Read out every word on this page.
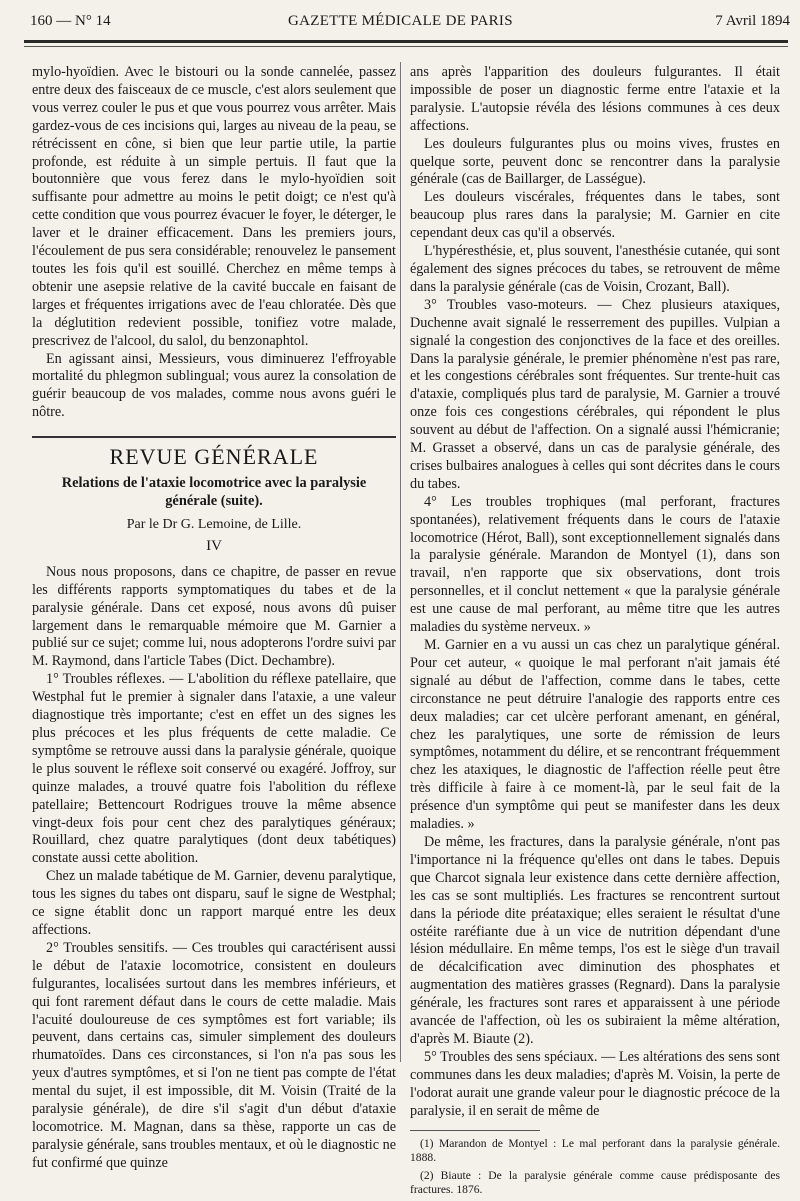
160 — N° 14	GAZETTE MÉDICALE DE PARIS	7 Avril 1894

mylo-hyoïdien. Avec le bistouri ou la sonde cannelée, passez entre deux des faisceaux de ce muscle, c'est alors seulement que vous verrez couler le pus et que vous pourrez vous arrêter. Mais gardez-vous de ces incisions qui, larges au niveau de la peau, se rétrécissent en cône, si bien que leur partie utile, la partie profonde, est réduite à un simple pertuis. Il faut que la boutonnière que vous ferez dans le mylo-hyoïdien soit suffisante pour admettre au moins le petit doigt; ce n'est qu'à cette condition que vous pourrez évacuer le foyer, le déterger, le laver et le drainer efficacement. Dans les premiers jours, l'écoulement de pus sera considérable; renouvelez le pansement toutes les fois qu'il est souillé. Cherchez en même temps à obtenir une asepsie relative de la cavité buccale en faisant de larges et fréquentes irrigations avec de l'eau chloratée. Dès que la déglutition redevient possible, tonifiez votre malade, prescrivez de l'alcool, du salol, du benzonaphtol.

En agissant ainsi, Messieurs, vous diminuerez l'effroyable mortalité du phlegmon sublingual; vous aurez la consolation de guérir beaucoup de vos malades, comme nous avons guéri le nôtre.

REVUE GÉNÉRALE
Relations de l'ataxie locomotrice avec la paralysie générale (suite).
Par le Dr G. Lemoine, de Lille.
IV

Nous nous proposons, dans ce chapitre, de passer en revue les différents rapports symptomatiques du tabes et de la paralysie générale. Dans cet exposé, nous avons dû puiser largement dans le remarquable mémoire que M. Garnier a publié sur ce sujet; comme lui, nous adopterons l'ordre suivi par M. Raymond, dans l'article Tabes (Dict. Dechambre).

1° Troubles réflexes. — L'abolition du réflexe patellaire, que Westphal fut le premier à signaler dans l'ataxie, a une valeur diagnostique très importante; c'est en effet un des signes les plus précoces et les plus fréquents de cette maladie. Ce symptôme se retrouve aussi dans la paralysie générale, quoique le plus souvent le réflexe soit conservé ou exagéré. Joffroy, sur quinze malades, a trouvé quatre fois l'abolition du réflexe patellaire; Bettencourt Rodrigues trouve la même absence vingt-deux fois pour cent chez des paralytiques généraux; Rouillard, chez quatre paralytiques (dont deux tabétiques) constate aussi cette abolition.

Chez un malade tabétique de M. Garnier, devenu paralytique, tous les signes du tabes ont disparu, sauf le signe de Westphal; ce signe établit donc un rapport marqué entre les deux affections.

2° Troubles sensitifs. — Ces troubles qui caractérisent aussi le début de l'ataxie locomotrice, consistent en douleurs fulgurantes, localisées surtout dans les membres inférieurs, et qui font rarement défaut dans le cours de cette maladie. Mais l'acuité douloureuse de ces symptômes est fort variable; ils peuvent, dans certains cas, simuler simplement des douleurs rhumatoïdes. Dans ces circonstances, si l'on n'a pas sous les yeux d'autres symptômes, et si l'on ne tient pas compte de l'état mental du sujet, il est impossible, dit M. Voisin (Traité de la paralysie générale), de dire s'il s'agit d'un début d'ataxie locomotrice. M. Magnan, dans sa thèse, rapporte un cas de paralysie générale, sans troubles mentaux, et où le diagnostic ne fut confirmé que quinze

ans après l'apparition des douleurs fulgurantes. Il était impossible de poser un diagnostic ferme entre l'ataxie et la paralysie. L'autopsie révéla des lésions communes à ces deux affections.

Les douleurs fulgurantes plus ou moins vives, frustes en quelque sorte, peuvent donc se rencontrer dans la paralysie générale (cas de Baillarger, de Lasségue).

Les douleurs viscérales, fréquentes dans le tabes, sont beaucoup plus rares dans la paralysie; M. Garnier en cite cependant deux cas qu'il a observés.

L'hypéresthésie, et, plus souvent, l'anesthésie cutanée, qui sont également des signes précoces du tabes, se retrouvent de même dans la paralysie générale (cas de Voisin, Crozant, Ball).

3° Troubles vaso-moteurs. — Chez plusieurs ataxiques, Duchenne avait signalé le resserrement des pupilles. Vulpian a signalé la congestion des conjonctives de la face et des oreilles. Dans la paralysie générale, le premier phénomène n'est pas rare, et les congestions cérébrales sont fréquentes. Sur trente-huit cas d'ataxie, compliqués plus tard de paralysie, M. Garnier a trouvé onze fois ces congestions cérébrales, qui répondent le plus souvent au début de l'affection. On a signalé aussi l'hémicranie; M. Grasset a observé, dans un cas de paralysie générale, des crises bulbaires analogues à celles qui sont décrites dans le cours du tabes.

4° Les troubles trophiques (mal perforant, fractures spontanées), relativement fréquents dans le cours de l'ataxie locomotrice (Hérot, Ball), sont exceptionnellement signalés dans la paralysie générale. Marandon de Montyel (1), dans son travail, n'en rapporte que six observations, dont trois personnelles, et il conclut nettement « que la paralysie générale est une cause de mal perforant, au même titre que les autres maladies du système nerveux. »

M. Garnier en a vu aussi un cas chez un paralytique général. Pour cet auteur, « quoique le mal perforant n'ait jamais été signalé au début de l'affection, comme dans le tabes, cette circonstance ne peut détruire l'analogie des rapports entre ces deux maladies; car cet ulcère perforant amenant, en général, chez les paralytiques, une sorte de rémission de leurs symptômes, notamment du délire, et se rencontrant fréquemment chez les ataxiques, le diagnostic de l'affection réelle peut être très difficile à faire à ce moment-là, par le seul fait de la présence d'un symptôme qui peut se manifester dans les deux maladies. »

De même, les fractures, dans la paralysie générale, n'ont pas l'importance ni la fréquence qu'elles ont dans le tabes. Depuis que Charcot signala leur existence dans cette dernière affection, les cas se sont multipliés. Les fractures se rencontrent surtout dans la période dite préataxique; elles seraient le résultat d'une ostéite raréfiante due à un vice de nutrition dépendant d'une lésion médullaire. En même temps, l'os est le siège d'un travail de décalcification avec diminution des phosphates et augmentation des matières grasses (Regnard). Dans la paralysie générale, les fractures sont rares et apparaissent à une période avancée de l'affection, où les os subiraient la même altération, d'après M. Biaute (2).

5° Troubles des sens spéciaux. — Les altérations des sens sont communes dans les deux maladies; d'après M. Voisin, la perte de l'odorat aurait une grande valeur pour le diagnostic précoce de la paralysie, il en serait de même de

(1) Marandon de Montyel : Le mal perforant dans la paralysie générale. 1888.
(2) Biaute : De la paralysie générale comme cause prédisposante des fractures. 1876.
